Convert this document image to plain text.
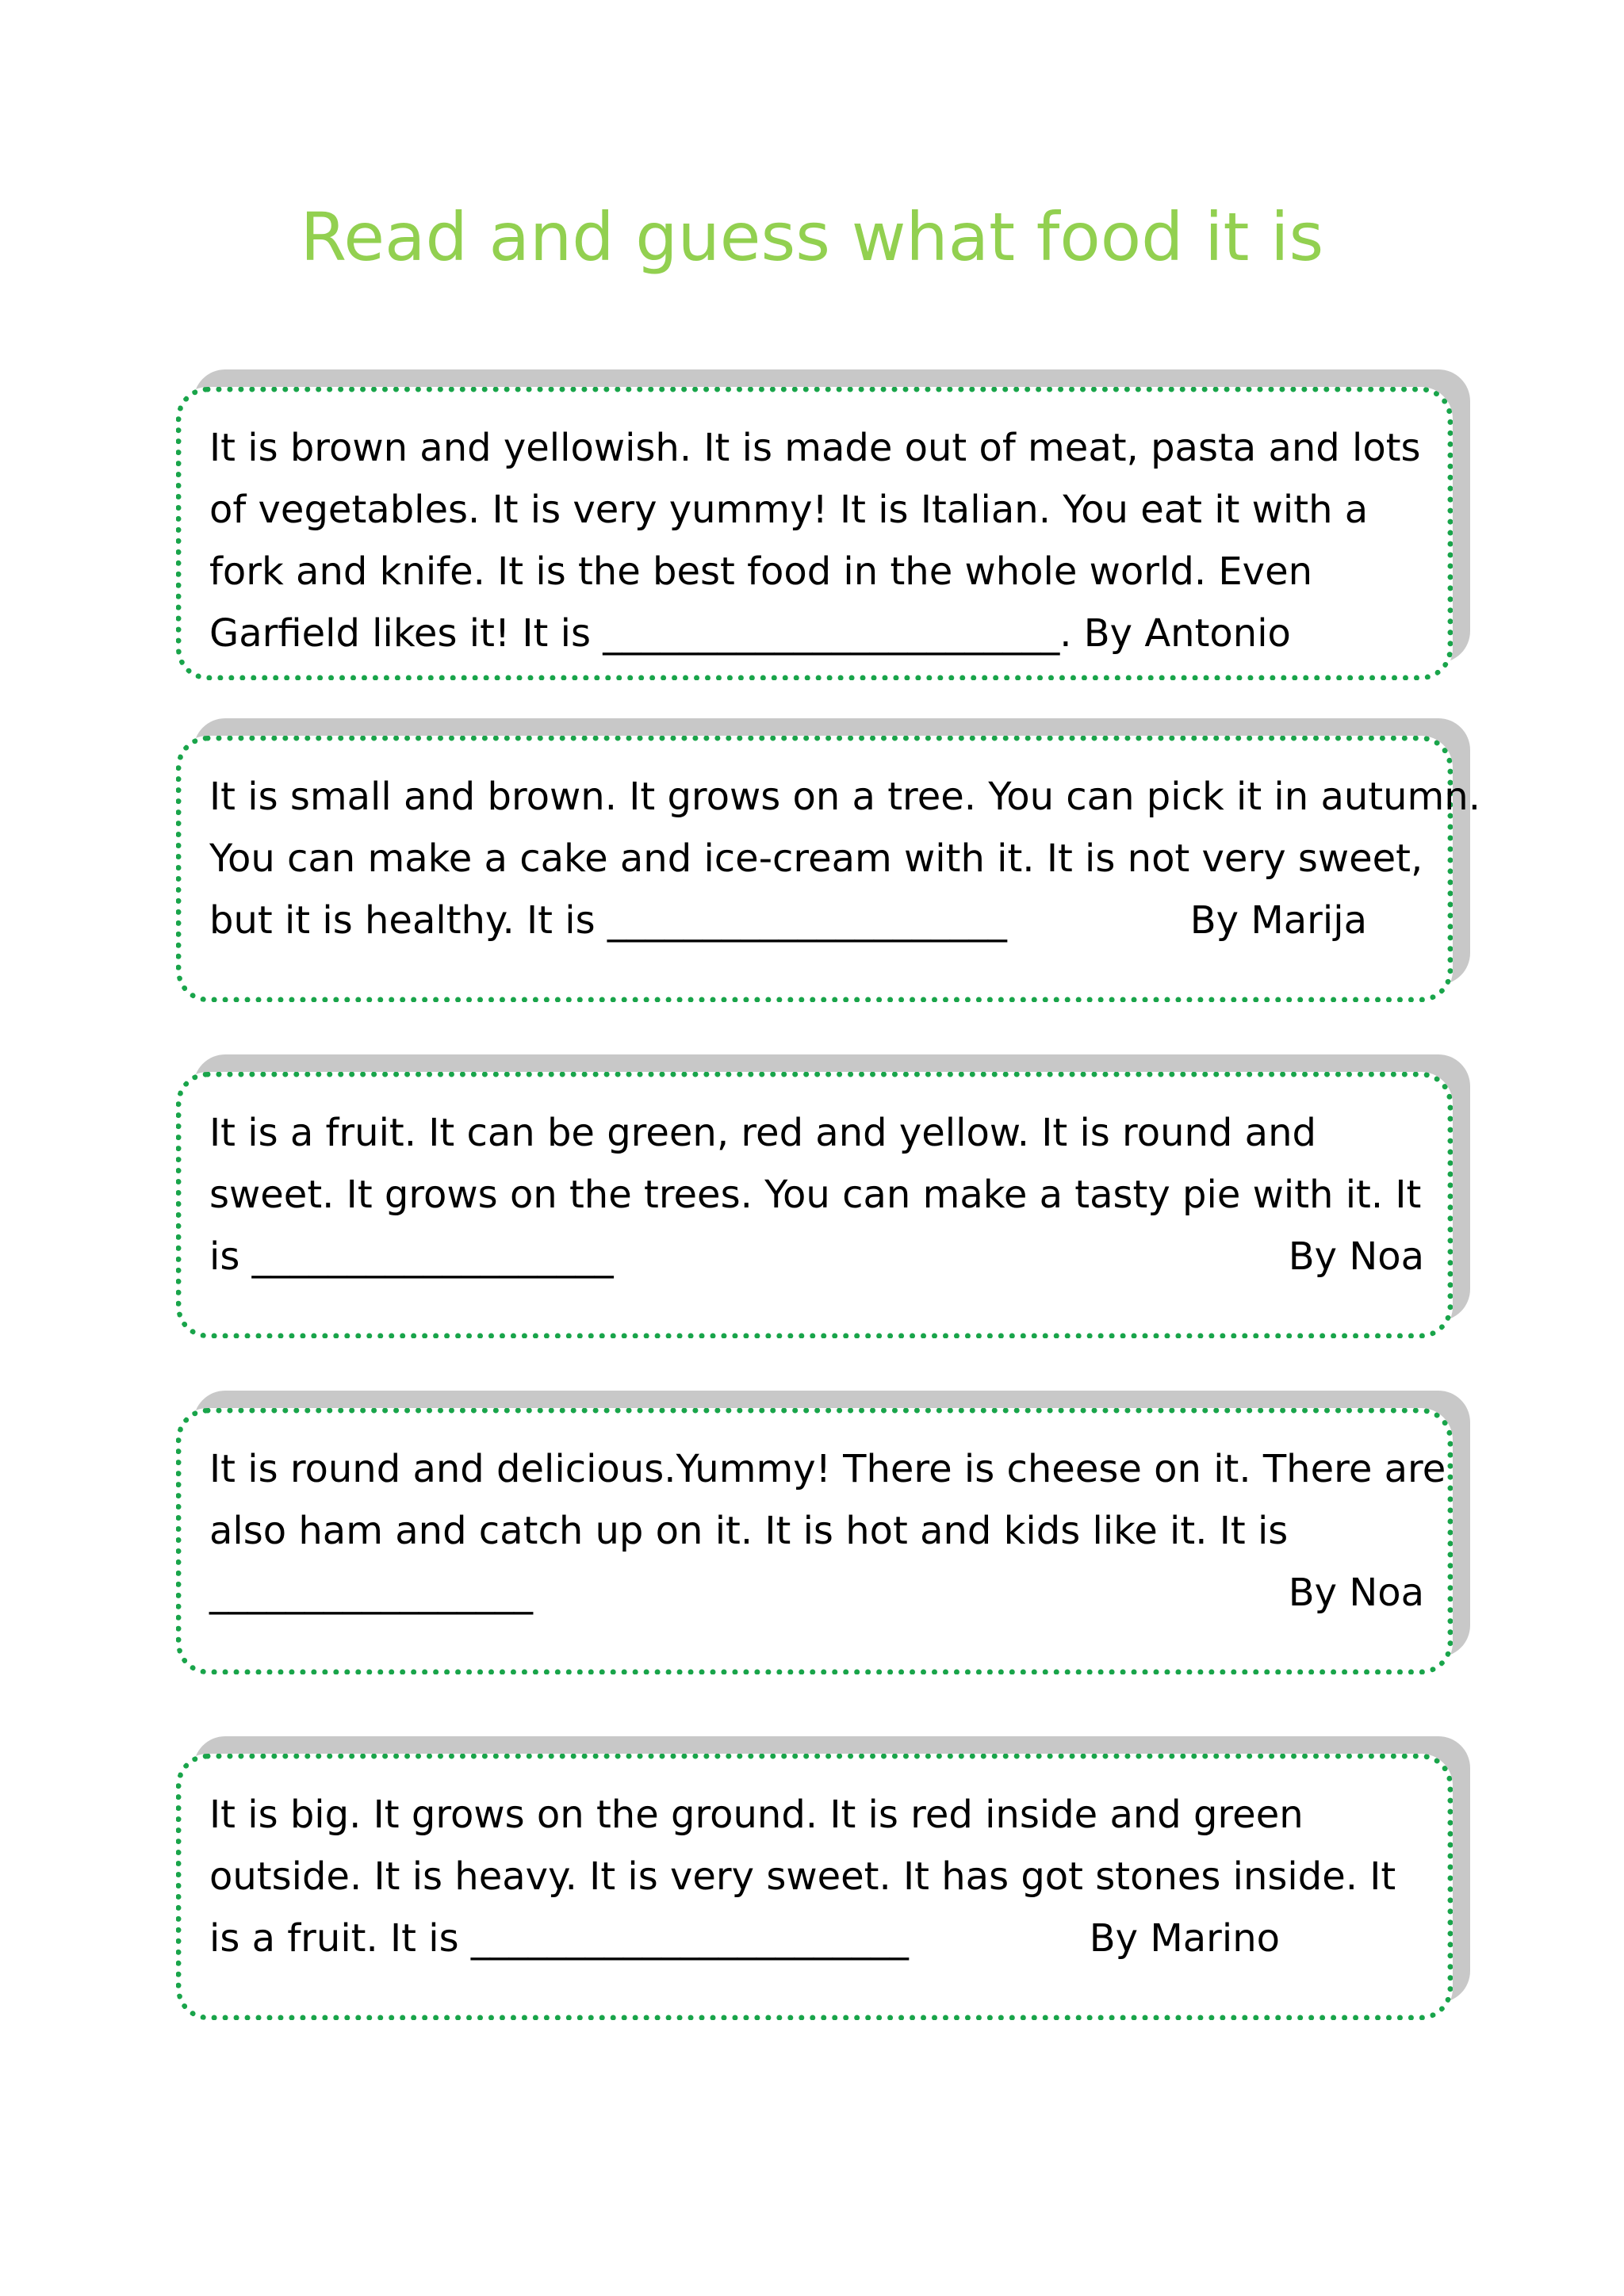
Read and guess what food it is

It is brown and yellowish. It is made out of meat, pasta and lots

of vegetables. It is very yummy! It is Italian. You eat it with a

fork and knife. It is the best food in the whole world. Even

Garfield likes it! It is ________________________. By Antonio

It is small and brown. It grows on a tree. You can pick it in autumn.

You can make a cake and ice-cream with it. It is not very sweet,

but it is healthy. It is _____________________	By Marija

It is a fruit. It can be green, red and yellow. It is round and

sweet. It grows on the trees. You can make a tasty pie with it. It

is ___________________	By Noa

It is round and delicious.Yummy! There is cheese on it. There are

also ham and catch up on it. It is hot and kids like it. It is

_________________	By Noa

It is big. It grows on the ground. It is red inside and green

outside. It is heavy. It is very sweet. It has got stones inside. It

is a fruit. It is _______________________	By Marino
